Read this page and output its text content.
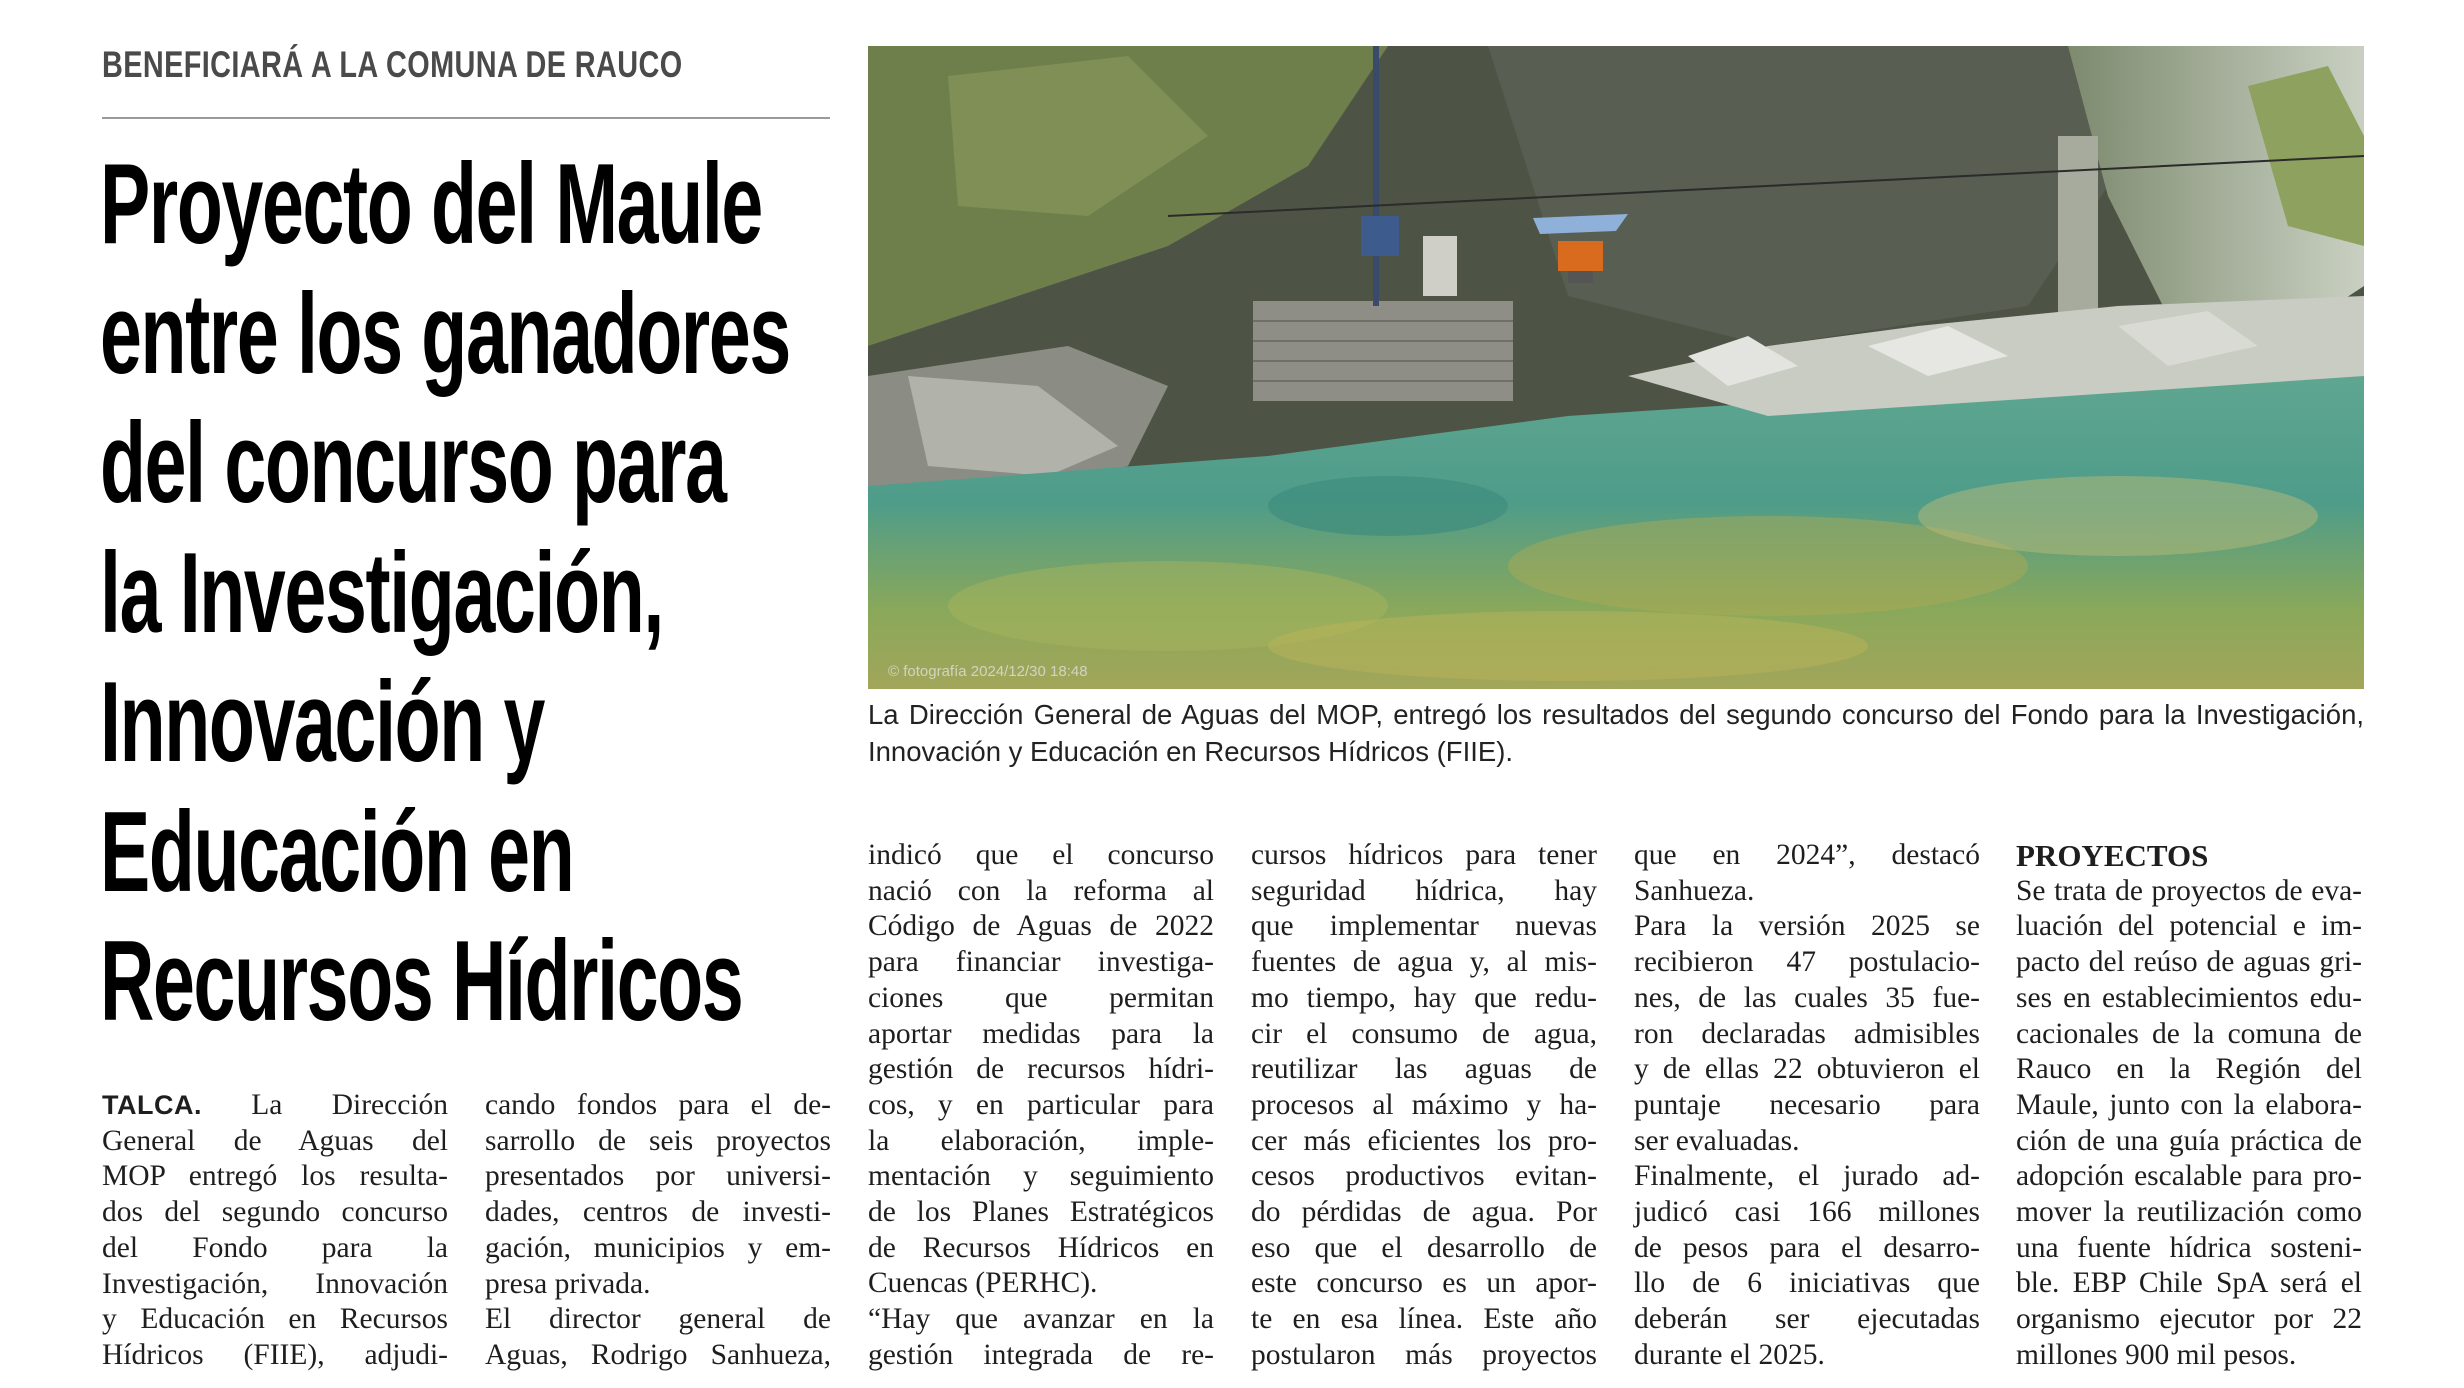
BENEFICIARÁ A LA COMUNA DE RAUCO
Proyecto del Maule
entre los ganadores
del concurso para
la Investigación,
Innovación y
Educación en
Recursos Hídricos
© fotografía 2024/12/30 18:48
La Dirección General de Aguas del MOP, entregó los resultados del segundo concurso del Fondo para la Investigación, Innovación y Educación en Recursos Hídricos (FIIE).
TALCA. La Dirección
General de Aguas del
MOP entregó los resulta-
dos del segundo concurso
del Fondo para la
Investigación, Innovación
y Educación en Recursos
Hídricos (FIIE), adjudi-
cando fondos para el de-
sarrollo de seis proyectos
presentados por universi-
dades, centros de investi-
gación, municipios y em-
presa privada.
El director general de
Aguas, Rodrigo Sanhueza,
indicó que el concurso
nació con la reforma al
Código de Aguas de 2022
para financiar investiga-
ciones que permitan
aportar medidas para la
gestión de recursos hídri-
cos, y en particular para
la elaboración, imple-
mentación y seguimiento
de los Planes Estratégicos
de Recursos Hídricos en
Cuencas (PERHC).
“Hay que avanzar en la
gestión integrada de re-
cursos hídricos para tener
seguridad hídrica, hay
que implementar nuevas
fuentes de agua y, al mis-
mo tiempo, hay que redu-
cir el consumo de agua,
reutilizar las aguas de
procesos al máximo y ha-
cer más eficientes los pro-
cesos productivos evitan-
do pérdidas de agua. Por
eso que el desarrollo de
este concurso es un apor-
te en esa línea. Este año
postularon más proyectos
que en 2024”, destacó
Sanhueza.
Para la versión 2025 se
recibieron 47 postulacio-
nes, de las cuales 35 fue-
ron declaradas admisibles
y de ellas 22 obtuvieron el
puntaje necesario para
ser evaluadas.
Finalmente, el jurado ad-
judicó casi 166 millones
de pesos para el desarro-
llo de 6 iniciativas que
deberán ser ejecutadas
durante el 2025.
PROYECTOS
Se trata de proyectos de eva-
luación del potencial e im-
pacto del reúso de aguas gri-
ses en establecimientos edu-
cacionales de la comuna de
Rauco en la Región del
Maule, junto con la elabora-
ción de una guía práctica de
adopción escalable para pro-
mover la reutilización como
una fuente hídrica sosteni-
ble. EBP Chile SpA será el
organismo ejecutor por 22
millones 900 mil pesos.
